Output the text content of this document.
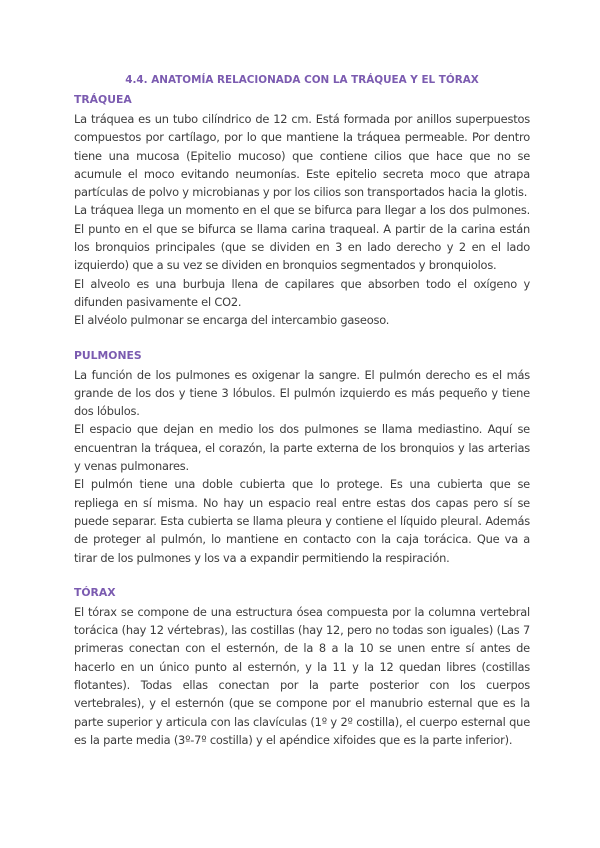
4.4. ANATOMÍA RELACIONADA CON LA TRÁQUEA Y EL TÓRAX
TRÁQUEA

La tráquea es un tubo cilíndrico de 12 cm. Está formada por anillos superpuestos compuestos por cartílago, por lo que mantiene la tráquea permeable. Por dentro tiene una mucosa (Epitelio mucoso) que contiene cilios que hace que no se acumule el moco evitando neumonías. Este epitelio secreta moco que atrapa partículas de polvo y microbianas y por los cilios son transportados hacia la glotis.

La tráquea llega un momento en el que se bifurca para llegar a los dos pulmones. El punto en el que se bifurca se llama carina traqueal. A partir de la carina están los bronquios principales (que se dividen en 3 en lado derecho y 2 en el lado izquierdo) que a su vez se dividen en bronquios segmentados y bronquiolos.

El alveolo es una burbuja llena de capilares que absorben todo el oxígeno y difunden pasivamente el CO2.

El alvéolo pulmonar se encarga del intercambio gaseoso.

PULMONES

La función de los pulmones es oxigenar la sangre. El pulmón derecho es el más grande de los dos y tiene 3 lóbulos. El pulmón izquierdo es más pequeño y tiene dos lóbulos.

El espacio que dejan en medio los dos pulmones se llama mediastino. Aquí se encuentran la tráquea, el corazón, la parte externa de los bronquios y las arterias y venas pulmonares.

El pulmón tiene una doble cubierta que lo protege. Es una cubierta que se repliega en sí misma. No hay un espacio real entre estas dos capas pero sí se puede separar. Esta cubierta se llama pleura y contiene el líquido pleural. Además de proteger al pulmón, lo mantiene en contacto con la caja torácica. Que va a tirar de los pulmones y los va a expandir permitiendo la respiración.

TÓRAX

El tórax se compone de una estructura ósea compuesta por la columna vertebral torácica (hay 12 vértebras), las costillas (hay 12, pero no todas son iguales) (Las 7 primeras conectan con el esternón, de la 8 a la 10 se unen entre sí antes de hacerlo en un único punto al esternón, y la 11 y la 12 quedan libres (costillas flotantes). Todas ellas conectan por la parte posterior con los cuerpos vertebrales), y el esternón (que se compone por el manubrio esternal que es la parte superior y articula con las clavículas (1º y 2º costilla), el cuerpo esternal que es la parte media (3º-7º costilla) y el apéndice xifoides que es la parte inferior).
